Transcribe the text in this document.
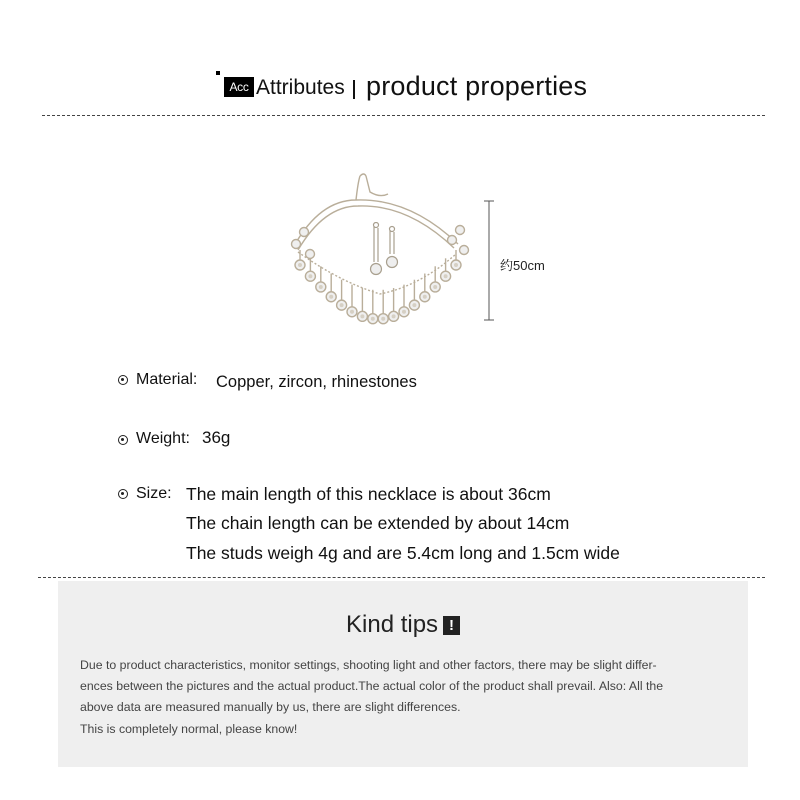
Acc Attributes product properties
约50cm
Material: Copper, zircon, rhinestones
Weight: 36g
Size: The main length of this necklace is about 36cm
The chain length can be extended by about 14cm
The studs weigh 4g and are 5.4cm long and 1.5cm wide
Kind tips !
Due to product characteristics, monitor settings, shooting light and other factors, there may be slight differ-
ences between the pictures and the actual product.The actual color of the product shall prevail. Also: All the
above data are measured manually by us, there are slight differences.
This is completely normal, please know!
